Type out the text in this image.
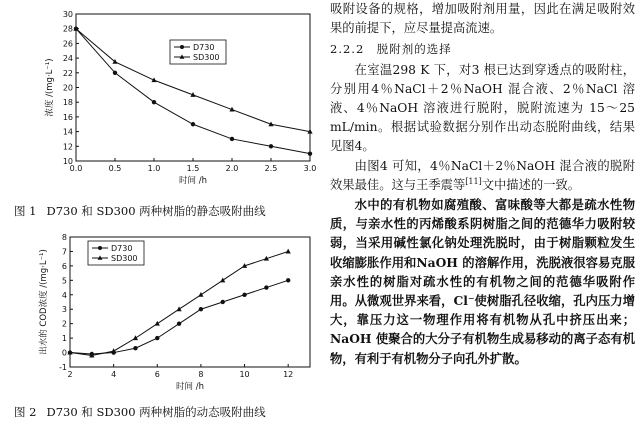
10
12
14
16
18
20
22
24
26
28
30
0.0	0.5	1.0	1.5	2.0	2.5	3.0
时间 /h
浓度 /(mg·L⁻¹)
D730
SD300
图 1 D730 和 SD300 两种树脂的静态吸附曲线
-1
0
1
2
3
4
5
6
7
8
2	4	6	8	10	12
时间 /h
出水的 COD浓度 /(mg·L⁻¹)
D730
SD300
图 2 D730 和 SD300 两种树脂的动态吸附曲线

吸附设备的规格，增加吸附剂用量，因此在满足吸附效果的前提下，应尽量提高流速。

2.2.2　脱附剂的选择

在室温298 K 下，对3 根已达到穿透点的吸附柱，分别用4％NaCl＋2％NaOH 混合液、2％NaCl 溶液、4％NaOH 溶液进行脱附，脱附流速为 15～25 mL/min。根据试验数据分别作出动态脱附曲线，结果见图4。

由图4 可知，4％NaCl＋2％NaOH 混合液的脱附效果最佳。这与王季震等[11]文中描述的一致。

水中的有机物如腐殖酸、富味酸等大都是疏水性物质，与亲水性的丙烯酸系阴树脂之间的范德华力吸附较弱，当采用碱性氯化钠处理洗脱时，由于树脂颗粒发生收缩膨胀作用和NaOH 的溶解作用，洗脱液很容易克服亲水性的树脂对疏水性的有机物之间的范德华吸附作用。从微观世界来看，Cl⁻使树脂孔径收缩，孔内压力增大，靠压力这一物理作用将有机物从孔中挤压出来；NaOH 使聚合的大分子有机物生成易移动的离子态有机物，有利于有机物分子向孔外扩散。
